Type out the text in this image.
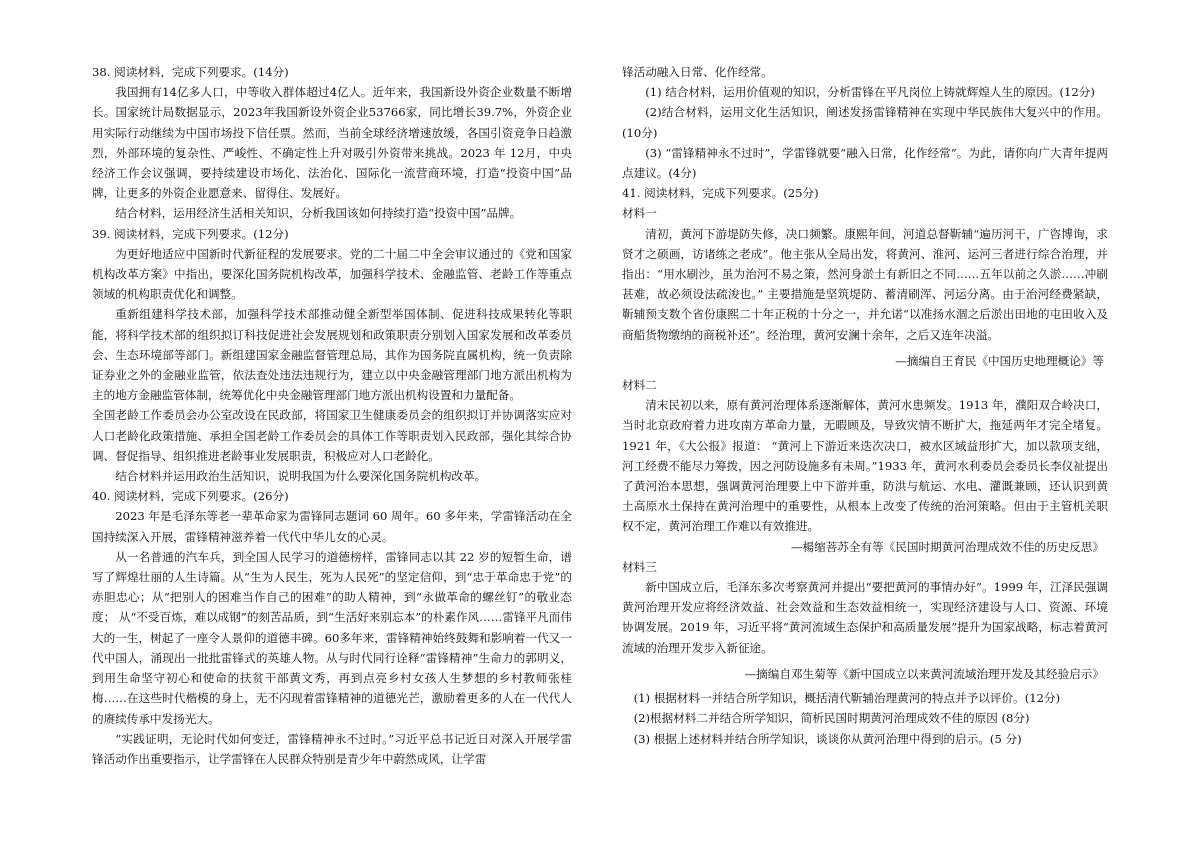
38. 阅读材料，完成下列要求。(14分)

我国拥有14亿多人口，中等收入群体超过4亿人。近年来，我国新设外资企业数量不断增长。国家统计局数据显示，2023年我国新设外资企业53766家，同比增长39.7%，外资企业用实际行动继续为中国市场投下信任票。然而，当前全球经济增速放缓，各国引资竞争日趋激烈，外部环境的复杂性、严峻性、不确定性上升对吸引外资带来挑战。2023 年 12月，中央经济工作会议强调，要持续建设市场化、法治化、国际化一流营商环境，打造“投资中国”品牌，让更多的外资企业愿意来、留得住、发展好。

结合材料，运用经济生活相关知识，分析我国该如何持续打造“投资中国”品牌。

39. 阅读材料，完成下列要求。(12分)

为更好地适应中国新时代新征程的发展要求。党的二十届二中全会审议通过的《党和国家机构改革方案》中指出，要深化国务院机构改革，加强科学技术、金融监管、老龄工作等重点领域的机构职责优化和调整。

重新组建科学技术部，加强科学技术部推动健全新型举国体制、促进科技成果转化等职能，将科学技术部的组织拟订科技促进社会发展规划和政策职责分别划入国家发展和改革委员会、生态环境部等部门。新组建国家金融监督管理总局，其作为国务院直属机构，统一负责除证券业之外的金融业监管，依法查处违法违规行为，建立以中央金融管理部门地方派出机构为主的地方金融监管体制，统筹优化中央金融管理部门地方派出机构设置和力量配备。

全国老龄工作委员会办公室改设在民政部，将国家卫生健康委员会的组织拟订并协调落实应对人口老龄化政策措施、承担全国老龄工作委员会的具体工作等职责划入民政部，强化其综合协调、督促指导、组织推进老龄事业发展职责，积极应对人口老龄化。

结合材料并运用政治生活知识，说明我国为什么要深化国务院机构改革。

40. 阅读材料，完成下列要求。(26分)

2023 年是毛泽东等老一辈革命家为雷锋同志题词 60 周年。60 多年来，学雷锋活动在全国持续深入开展，雷锋精神滋养着一代代中华儿女的心灵。

从一名普通的汽车兵，到全国人民学习的道德榜样，雷锋同志以其 22 岁的短暂生命，谱写了辉煌壮丽的人生诗篇。从“生为人民生，死为人民死”的坚定信仰，到“忠于革命忠于党”的赤胆忠心；从“把别人的困难当作自己的困难”的助人精神，到“永做革命的螺丝钉”的敬业态度； 从“不受百炼，难以成钢”的刻苦品质，到“生活好来别忘本”的朴素作风……雷锋平凡而伟大的一生，树起了一座令人景仰的道德丰碑。60多年来，雷锋精神始终鼓舞和影响着一代又一代中国人，涌现出一批批雷锋式的英雄人物。从与时代同行诠释“雷锋精神”生命力的郭明义，到用生命坚守初心和使命的扶贫干部黄文秀，再到点亮乡村女孩人生梦想的乡村教师张桂梅……在这些时代楷模的身上，无不闪现着雷锋精神的道德光芒，激励着更多的人在一代代人的赓续传承中发扬光大。

“实践证明，无论时代如何变迁，雷锋精神永不过时。”习近平总书记近日对深入开展学雷锋活动作出重要指示，让学雷锋在人民群众特别是青少年中蔚然成风，让学雷

锋活动融入日常、化作经常。

(1) 结合材料，运用价值观的知识，分析雷锋在平凡岗位上铸就辉煌人生的原因。(12分)

(2)结合材料，运用文化生活知识，阐述发扬雷锋精神在实现中华民族伟大复兴中的作用。(10分)

(3) “雷锋精神永不过时”，学雷锋就要“融入日常，化作经常”。为此，请你向广大青年提两点建议。(4分)

41. 阅读材料，完成下列要求。(25分)

材料一

清初，黄河下游堤防失修，决口频繁。康熙年间，河道总督靳辅“遍历河干，广咨博询，求贤才之硕画，访诸练之老成”。他主张从全局出发，将黄河、淮河、运河三者进行综合治理，并指出：“用水刷沙，虽为治河不易之策，然河身淤土有新旧之不同……五年以前之久淤……冲刷甚难，故必须设法疏浚也。” 主要措施是坚筑堤防、蓄清刷浑、河运分离。由于治河经费紧缺，靳辅预支数个省份康熙二十年正税的十分之一，并允诺“以准扬水涸之后淤出田地的屯田收入及商船货物缴纳的商税补还”。经治理，黄河安澜十余年，之后又连年决溢。

—摘编自王育民《中国历史地理概论》等

材料二

清末民初以来，原有黄河治理体系逐渐解体，黄河水患频发。1913 年，濮阳双合岭决口，当时北京政府着力进攻南方革命力量，无暇顾及，导致灾情不断扩大，拖延两年才完全堵复。1921 年，《大公报》报道： “黄河上下游近来迭次决口，被水区域益形扩大，加以款项支绌，河工经费不能尽力筹拨，因之河防设施多有未周。”1933 年，黄河水利委员会委员长李仪祉提出了黄河治本思想，强调黄河治理要上中下游并重，防洪与航运、水电、灌溉兼顾，还认识到黄土高原水土保持在黄河治理中的重要性，从根本上改变了传统的治河策略。但由于主管机关职权不定，黄河治理工作难以有效推进。

—楊缩菩苏全有等《民国时期黄河治理成效不佳的历史反思》

材料三

新中国成立后，毛泽东多次考察黄河并提出“要把黄河的事情办好”。1999 年，江泽民强调黄河治理开发应将经济效益、社会效益和生态效益相统一，实现经济建设与人口、资源、环境协调发展。2019 年，习近平将“黄河流域生态保护和高质量发展”提升为国家战略，标志着黄河流域的治理开发步入新征途。

—摘编自邓生菊等《新中国成立以来黄河流域治理开发及其经验启示》

(1) 根据材料一并结合所学知识，概括清代靳辅治理黄河的特点并予以评价。(12分)

(2)根据材料二并结合所学知识，简析民国时期黄河治理成效不佳的原因 (8分)

(3) 根据上述材料并结合所学知识，谈谈你从黄河治理中得到的启示。(5 分)
